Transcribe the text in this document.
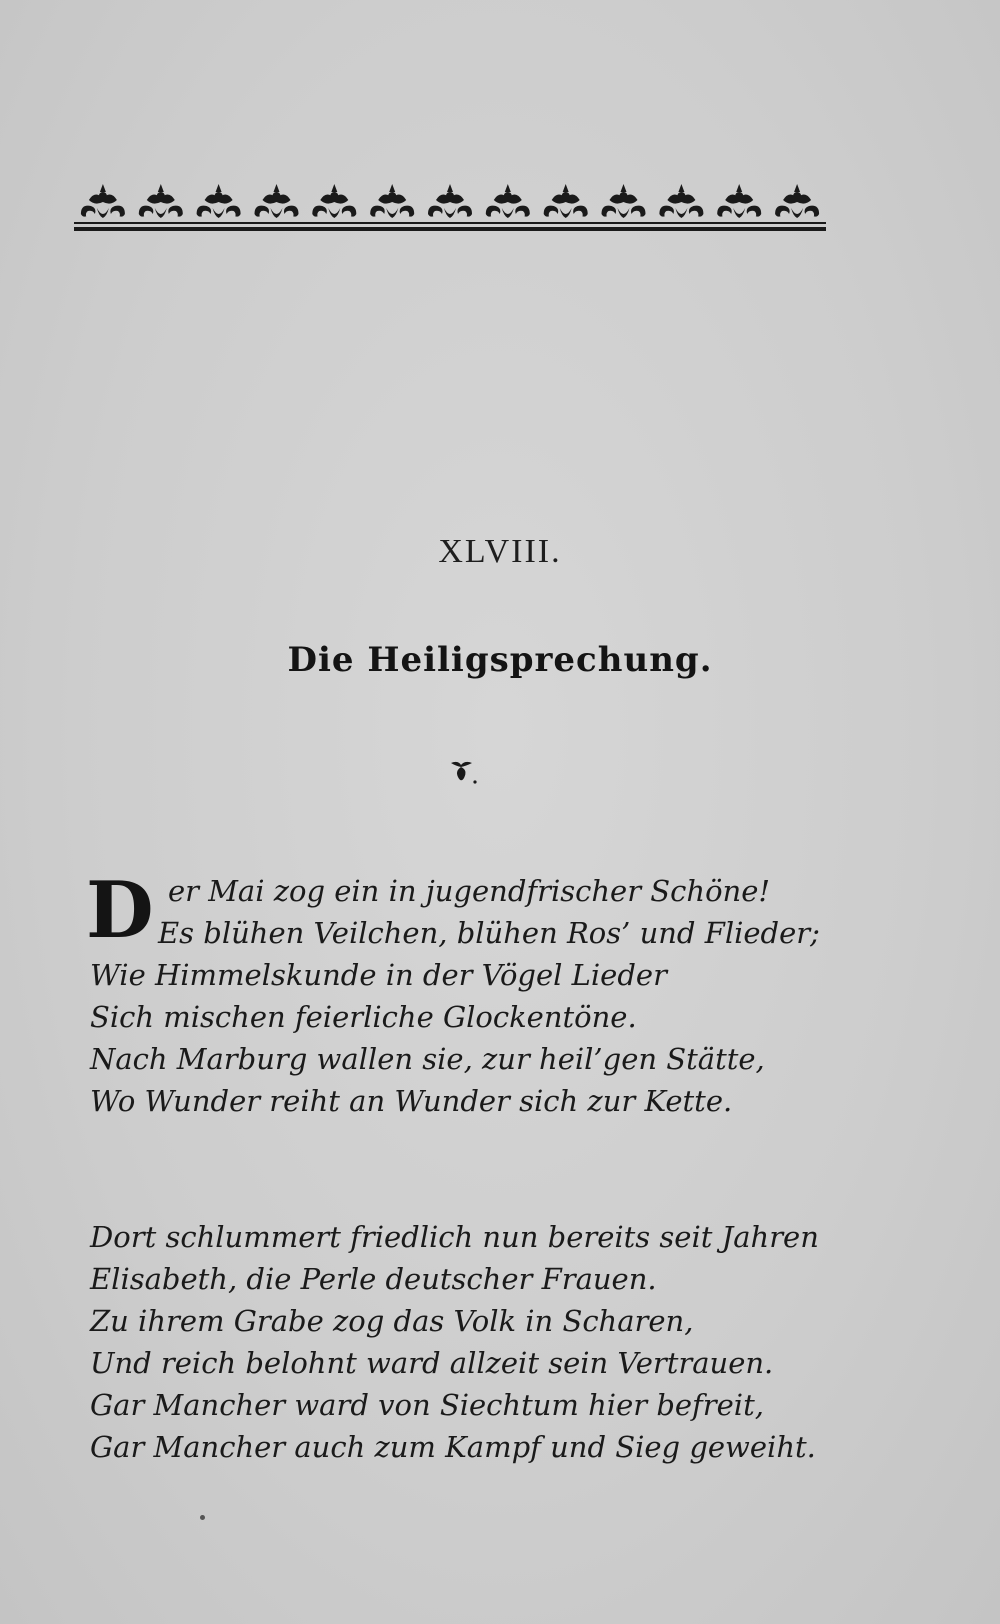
XLVIII.
Die Heiligsprechung.
D er Mai zog ein in jugendfrischer Schöne!
Es blühen Veilchen, blühen Ros’ und Flieder;
Wie Himmelskunde in der Vögel Lieder
Sich mischen feierliche Glockentöne.
Nach Marburg wallen sie, zur heil’gen Stätte,
Wo Wunder reiht an Wunder sich zur Kette.
Dort schlummert friedlich nun bereits seit Jahren
Elisabeth, die Perle deutscher Frauen.
Zu ihrem Grabe zog das Volk in Scharen,
Und reich belohnt ward allzeit sein Vertrauen.
Gar Mancher ward von Siechtum hier befreit,
Gar Mancher auch zum Kampf und Sieg geweiht.
